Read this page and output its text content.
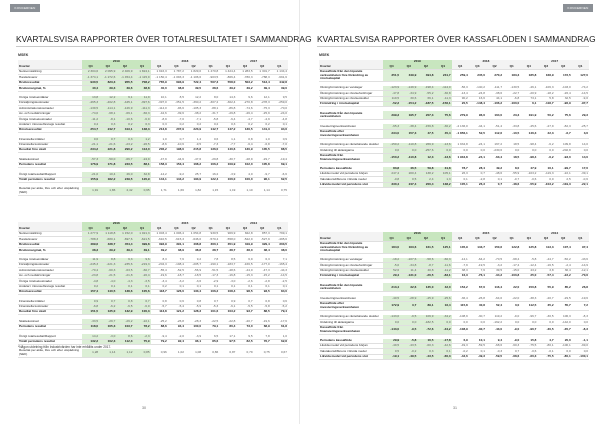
KONCERNEN
KVARTALSVISA RAPPORTER ÖVER TOTALRESULTATET I SAMMANDRAG
MSEK
	2019				2018				2017			
Kvartal	Q4	Q3	Q2	Q1	Q4	Q3	Q2	Q1	Q4	Q3	Q2	Q1
Nettoomsättning	2 304,6	2 095,9	2 409,9	1 824,1	1 916,3	1 787,2	1 829,0	1 470,8	1 424,4	1 283,5	1 301,7	1 134,4
Handelsvaror	-1 374,1	-1 272,6	-1 454,4	-1 115,9	-1 150,4	-1 093,3	-1 106,6	-903,5	-866,4	-780,3	-788,3	-691,6
Bruttoresultat	930,5	823,3	955,5	708,2	765,9	693,9	722,4	567,3	558,0	503,2	513,4	442,8
Bruttomarginal, %	40,4	39,3	39,6	38,8	40,0	38,8	39,5	38,6	39,2	39,2	39,4	39,0

Övriga rörelseintäkter	13,8	12,2	9,1	11,9	10,1	8,5	12,2	8,0	14,3	9,6	12,1	9,5
Försäljningskostnader	-465,3	-402,8	-445,1	-397,6	-397,0	-351,5	-360,2	-307,2	-302,4	-270,8	-278,3	-259,0
Administrationskostnader	-139,5	-114,1	-126,9	-111,3	-114,0	-96,6	-105,3	-88,1	-86,8	-74,6	-75,3	-70,0
Av- och nedskrivningar	-74,0	-68,1	-69,1	-66,3	-42,6	-39,6	-38,2	-31,7	-29,8	-26,4	-25,9	-24,0
Övriga rörelsekostnader	-11,2	-8,1	-10,6	-6,9	-8,9	-7,0	-7,1	-5,8	-6,4	-4,7	-4,9	-4,8
Andelar i intresseföretags resultat	0,4	0,3	0,2	0,3	0,3	0,2	0,2	0,2	0,3	0,2	0,2	0,1
Rörelseresultat	254,7	242,7	313,1	138,3	213,8	207,9	223,9	142,7	147,2	136,5	141,3	94,6

Finansiella intäkter	0,6	0,7	0,3	1,2	1,0	0,7	1,4	0,6	1,1	0,8	1,0	0,9
Finansiella kostnader	-21,1	-21,6	-23,2	-26,5	-8,6	-10,6	-9,5	-7,3	-7,7	-6,4	-6,8	-7,0
Resultat före skatt	234,2	221,8	290,2	113,0	206,2	198,0	215,8	136,0	140,6	130,9	135,5	88,5

Skattekostnad	-57,3	-50,0	-66,7	-24,9	-47,9	-44,6	-47,6	-29,8	-30,7	-28,9	-29,7	-19,4
Periodens resultat	176,9	171,8	223,5	88,1	158,3	153,4	168,2	106,2	109,9	102,0	105,8	69,1

Övrigt totalresultat/Rapport	-21,0	10,4	26,0	32,8	-14,2	-9,2	25,7	16,2	-3,9	4,0	-9,7	-6,6
Totalt periodens resultat	155,9	182,2	249,5	120,9	144,1	144,2	193,9	122,4	106,0	106,0	96,1	62,5

Resultat per aktie, före och efter utspädning (SEK)	1,91	1,86	2,42	0,95	1,71	1,66	1,82	1,15	1,19	1,10	1,14	0,75
	2016				2015				2014			
Kvartal	Q4	Q3	Q2	Q1	Q4	Q3	Q2	Q1	Q4	Q3	Q2	Q1
Nettoomsättning	1 277,9	1 118,8	1 152,0	1 021,3	1 003,4	1 006,4	1 054,8	930,5	909,9	842,8	857,3	799,1
Handelsvaror	-788,3	-680,1	-697,6	-621,5	-610,5	-615,3	-646,0	-570,4	-558,0	-522,9	-527,9	-495,6
Bruttoresultat	489,6	438,7	454,4	399,8	392,9	391,1	408,8	360,1	351,9	319,9	329,4	303,5
Bruttomarginal, %	38,3	39,2	39,4	39,1	39,2	38,9	38,8	38,7	38,7	38,0	38,4	38,0

Övriga rörelseintäkter	11,9	8,8	9,3	9,6	8,3	7,6	9,2	7,8	8,5	6,9	6,3	7,1
Försäljningskostnader	-245,3	-221,3	-235,6	-219,3	-204,3	-198,4	-205,7	-190,1	-183,7	-166,5	-177,0	-165,4
Administrationskostnader	-70,4	-60,3	-63,5	-60,7	-55,4	-52,5	-56,9	-51,5	-48,6	-44,0	-47,3	-44,3
Av- och nedskrivningar	-23,8	-21,5	-21,8	-20,4	-19,6	-18,7	-18,5	-17,3	-16,8	-15,3	-15,2	-14,5
Övriga rörelsekostnader	-4,8	-4,0	-4,3	-3,5	-3,4	-3,2	-3,6	-2,9	-3,0	-2,6	-2,8	-2,5
Andelar i intresseföretags resultat	0,2	0,1	0,1	0,1	0,2	0,1	0,1	0,1	0,1	0,1	0,1	0,1
Rörelseresultat	157,4	140,5	138,6	105,6	118,7	126,0	133,4	106,2	108,4	98,5	93,5	84,0

Finansiella intäkter	0,9	0,7	0,8	0,7	0,8	0,6	0,8	0,7	0,9	0,7	0,8	0,6
Finansiella kostnader	-6,8	-6,2	-6,5	-6,0	-5,7	-5,4	-5,9	-5,3	-6,1	-5,5	-5,8	-5,2
Resultat före skatt	151,5	135,0	132,9	100,3	113,8	121,2	128,3	101,6	103,2	93,7	88,5	79,4

Skattekostnad	-33,5	-29,7	-29,2	-22,1	-25,2	-26,8	-28,3	-22,5	-22,8	-20,7	-19,6	-17,6
Periodens resultat	118,0	105,3	103,7	78,2	88,6	94,4	100,0	79,1	80,4	73,0	68,9	61,8

Övrigt totalresultat/Rapport	14,2	-3,0	8,6	-2,3	-9,4	-2,0	-3,9	6,5	17,1	9,5	7,8	1,0
Totalt periodens resultat	132,2	102,3	112,3	75,9	79,2	92,4	96,1	85,6	97,5	82,5	76,7	62,8

Resultat per aktie, före och efter utspädning (SEK)	1,28	1,14	1,12	0,85	0,96	1,02	1,08	0,86	0,87	0,79	0,75	0,67
*Någon utdelning från Industrivärden har inte erhållits under 2017.
30
KONCERNEN
KVARTALSVISA RAPPORTER ÖVER KASSAFLÖDEN I SAMMANDRAG
MSEK
	2019				2018				2017			
Kvartal	Q4	Q3	Q2	Q1	Q4	Q3	Q2	Q1	Q4	Q3	Q2	Q1
Kassaflöde från den löpande verksamheten före förändring av rörelsekapital	351,5	349,9	394,8	231,7	259,4	245,0	270,2	183,3	185,8	168,9	172,5	127,0

Ökning/minskning av varulager	-123,9	-149,9	-198,4	-114,0	-56,3	-140,2	-111,7	-130,5	-46,1	-106,3	-103,0	-74,2
Ökning/minskning av rörelsefordringar	-47,8	-34,9	-55,2	-30,8	-13,4	-24,8	-38,6	-22,7	-20,9	-18,2	-26,4	-14,5
Ökning/minskning av rörelseskulder	119,5	30,6	66,1	-11,3	90,2	16,6	44,1	-6,8	73,1	5,8	32,5	-9,0
Förändring i rörelsekapital	-52,2	-154,2	-187,5	-156,1	20,5	-148,4	-106,2	-160,0	6,1	-118,7	-96,9	-97,7

Kassaflöde från den löpande verksamheten	299,3	195,7	207,3	75,6	279,9	96,6	164,0	23,3	191,9	50,2	75,6	29,3

Investeringsverksamheten	-65,3	-38,4	-159,8	-30,2	-2 136,0	-44,1	-51,4	-33,8	-45,6	-27,9	-82,3	-25,7
Kassaflöde efter investeringsverksamheten	234,0	157,3	47,5	45,4	-1 856,1	52,5	112,6	-10,5	146,3	22,3	-6,7	3,6

Ökning/minskning av räntebärande skulder	-150,2	-110,8	269,9	-13,6	1 934,8	-24,1	167,2	18,5	-98,4	-6,2	109,8	14,0
Utdelning till aktieägarna	0,0	0,0	-257,6	0,0	0,0	0,0	-230,6	0,0	0,0	0,0	-202,8	0,0
Kassaflöde från finansieringsverksamheten	-150,2	-110,8	12,3	-13,6	1 934,8	-24,1	-63,4	18,5	-98,4	-6,2	-93,0	14,0

Periodens kassaflöde	83,8	46,5	59,8	31,8	78,7	28,4	49,2	8,0	47,9	16,1	-99,7	17,6
Likvida medel vid periodens början	247,4	200,4	138,2	105,1	26,3	0,7	-48,6	-55,9	-103,2	-119,3	-22,1	-39,1
Valutakursdifferens i likvida medel	-0,8	0,5	2,4	1,3	0,1	-2,8	0,1	-0,7	-0,6	0,0	2,5	-0,6
Likvida medel vid periodens slut	330,4	247,4	200,4	138,2	105,1	26,3	0,7	-48,6	-55,9	-103,2	-119,3	-22,1
	2016				2015				2014			
Kvartal	Q4	Q3	Q2	Q1	Q4	Q3	Q2	Q1	Q4	Q3	Q2	Q1
Kassaflöde från den löpande verksamheten före förändring av rörelsekapital	184,0	163,6	161,5	125,1	135,9	143,7	150,6	122,8	125,8	113,3	107,4	97,4

Ökning/minskning av varulager	-18,2	-107,6	-58,6	-60,3	-14,1	-64,2	-70,5	-68,4	-5,8	-44,7	-50,2	-43,6
Ökning/minskning av rörelsefordringar	-5,0	-34,8	-8,7	-11,6	-7,9	-19,5	-3,2	-17,4	-12,4	-16,5	-2,4	-14,9
Ökning/minskning av rörelseskulder	52,6	11,4	40,8	-11,2	38,3	7,6	39,5	-15,0	43,2	3,8	30,4	-12,1
Förändring i rörelsekapital	29,4	-131,0	-26,5	-83,1	16,3	-76,1	-34,2	-100,8	25,0	-57,4	-22,2	-70,6

Kassaflöde från den löpande verksamheten	213,4	32,6	135,0	42,0	152,2	67,6	116,4	22,0	150,8	55,9	85,2	26,8

Investeringsverksamheten	-40,5	-28,9	-45,9	-25,6	-36,4	-26,8	-64,0	-22,0	-38,3	-20,7	-29,5	-19,6
Kassaflöde efter investeringsverksamheten	172,9	3,7	89,1	16,4	115,8	40,8	52,4	0,0	112,5	35,2	55,7	7,2

Ökning/minskning av räntebärande skulder	-143,0	-9,5	109,9	-34,2	-108,9	-30,7	119,2	-9,0	-96,7	-30,5	106,3	-8,3
Utdelning till aktieägarna	0,0	0,0	-182,5	0,0	0,0	0,0	-162,2	0,0	0,0	0,0	-142,0	0,0
Kassaflöde från finansieringsverksamheten	-143,0	-9,5	-72,6	-34,2	-108,9	-30,7	-43,0	-9,0	-96,7	-30,5	-35,7	-8,3

Periodens kassaflöde	29,9	-5,8	16,5	-17,8	6,9	10,1	9,4	-9,0	15,8	4,7	20,0	-1,1
Likvida medel vid periodens början	-49,5	-43,5	-60,3	-42,6	-49,3	-59,5	-68,6	-60,3	-75,5	-80,1	-100,1	-99,0
Valutakursdifferens i likvida medel	0,5	-0,2	0,3	0,1	-0,2	0,1	-0,3	0,7	-0,6	-0,1	0,0	0,0
Likvida medel vid periodens slut	-19,1	-49,5	-43,5	-60,3	-42,6	-49,3	-59,5	-68,6	-60,3	-75,5	-80,1	-100,1
31
